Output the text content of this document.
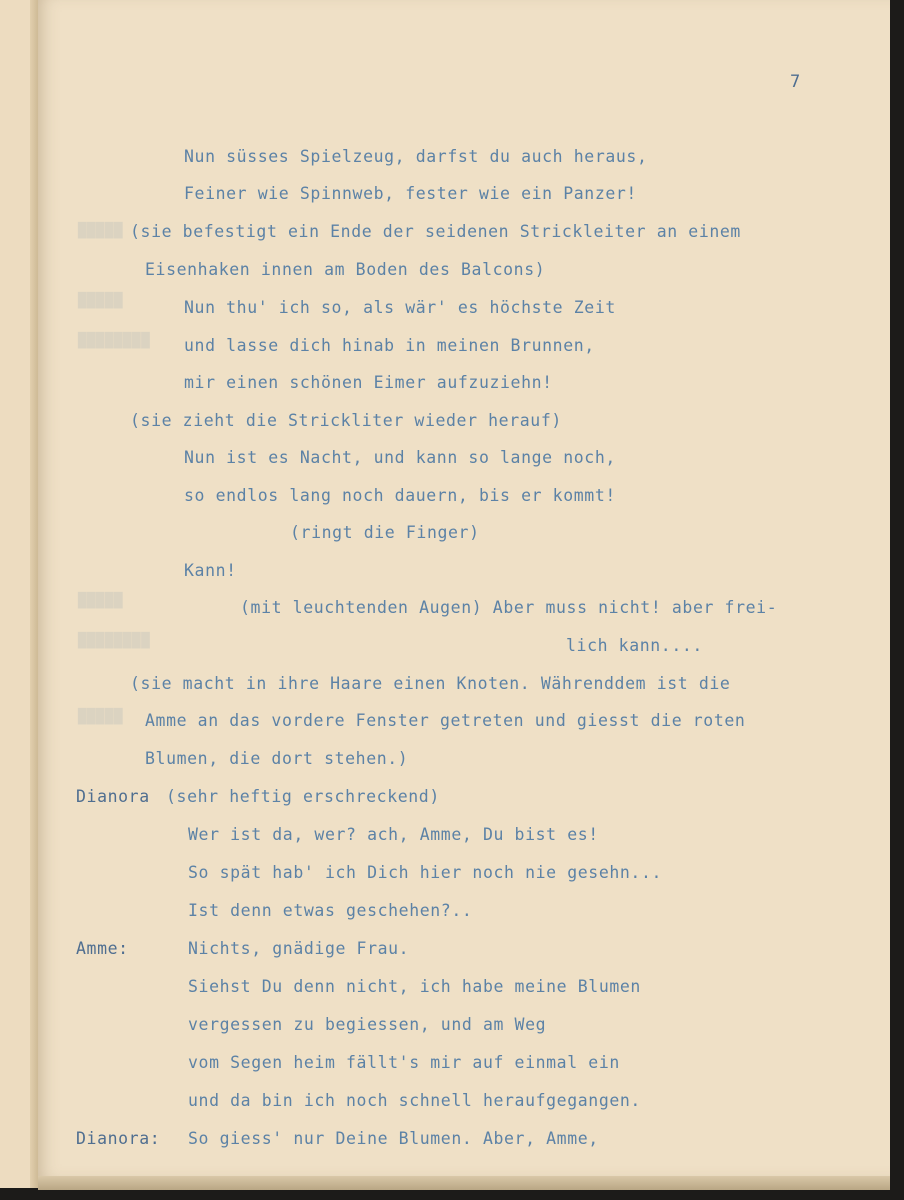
█████
█████
████████
█████
████████
█████
7
Nun süsses Spielzeug, darfst du auch heraus,
Feiner wie Spinnweb, fester wie ein Panzer!
(sie befestigt ein Ende der seidenen Strickleiter an einem
Eisenhaken innen am Boden des Balcons)
Nun thu' ich so, als wär' es höchste Zeit
und lasse dich hinab in meinen Brunnen,
mir einen schönen Eimer aufzuziehn!
(sie zieht die Strickliter wieder herauf)
Nun ist es Nacht, und kann so lange noch,
so endlos lang noch dauern, bis er kommt!
(ringt die Finger)
Kann!
(mit leuchtenden Augen) Aber muss nicht! aber frei-
lich kann....
(sie macht in ihre Haare einen Knoten. Währenddem ist die
Amme an das vordere Fenster getreten und giesst die roten
Blumen, die dort stehen.)
Dianora (sehr heftig erschreckend)
Wer ist da, wer? ach, Amme, Du bist es!
So spät hab' ich Dich hier noch nie gesehn...
Ist denn etwas geschehen?..
Amme:	Nichts, gnädige Frau.
Siehst Du denn nicht, ich habe meine Blumen
vergessen zu begiessen, und am Weg
vom Segen heim fällt's mir auf einmal ein
und da bin ich noch schnell heraufgegangen.
Dianora: So giess' nur Deine Blumen. Aber, Amme,
